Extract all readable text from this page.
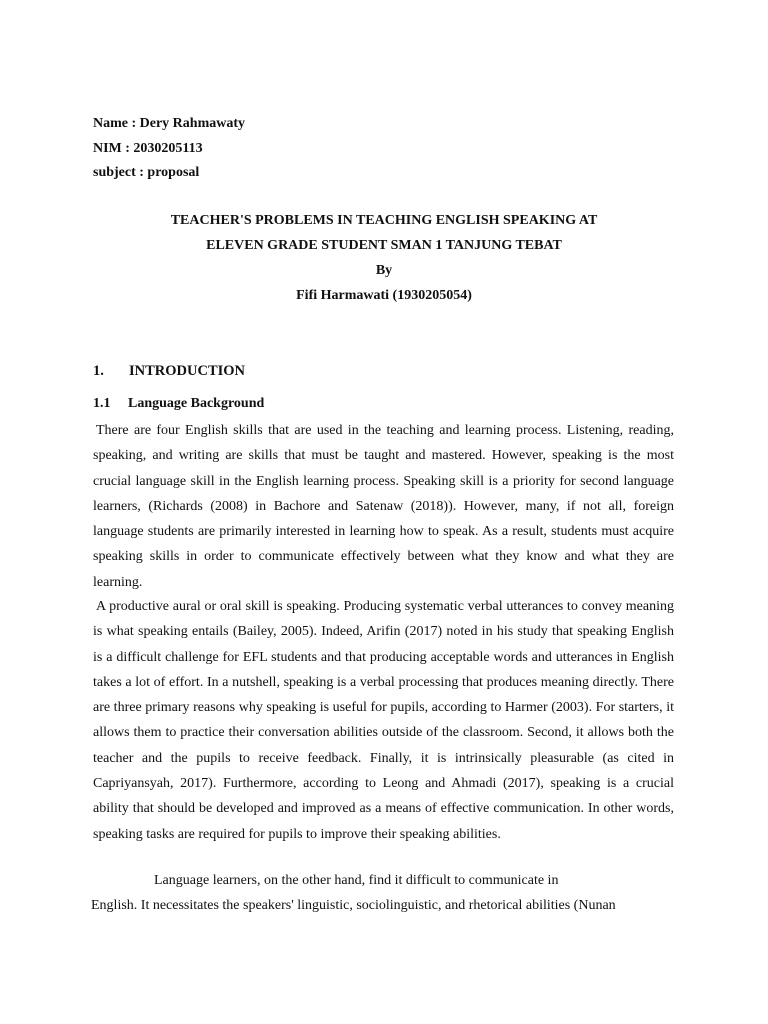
Name : Dery Rahmawaty
NIM : 2030205113
subject : proposal
TEACHER'S PROBLEMS IN TEACHING ENGLISH SPEAKING AT
ELEVEN GRADE STUDENT SMAN 1 TANJUNG TEBAT
By
Fifi Harmawati (1930205054)
1. INTRODUCTION
1.1 Language Background

There are four English skills that are used in the teaching and learning process. Listening, reading, speaking, and writing are skills that must be taught and mastered. However, speaking is the most crucial language skill in the English learning process. Speaking skill is a priority for second language learners, (Richards (2008) in Bachore and Satenaw (2018)). However, many, if not all, foreign language students are primarily interested in learning how to speak. As a result, students must acquire speaking skills in order to communicate effectively between what they know and what they are learning.

A productive aural or oral skill is speaking. Producing systematic verbal utterances to convey meaning is what speaking entails (Bailey, 2005). Indeed, Arifin (2017) noted in his study that speaking English is a difficult challenge for EFL students and that producing acceptable words and utterances in English takes a lot of effort. In a nutshell, speaking is a verbal processing that produces meaning directly. There are three primary reasons why speaking is useful for pupils, according to Harmer (2003). For starters, it allows them to practice their conversation abilities outside of the classroom. Second, it allows both the teacher and the pupils to receive feedback. Finally, it is intrinsically pleasurable (as cited in Capriyansyah, 2017). Furthermore, according to Leong and Ahmadi (2017), speaking is a crucial ability that should be developed and improved as a means of effective communication. In other words, speaking tasks are required for pupils to improve their speaking abilities.

Language learners, on the other hand, find it difficult to communicate in
English. It necessitates the speakers' linguistic, sociolinguistic, and rhetorical abilities (Nunan
